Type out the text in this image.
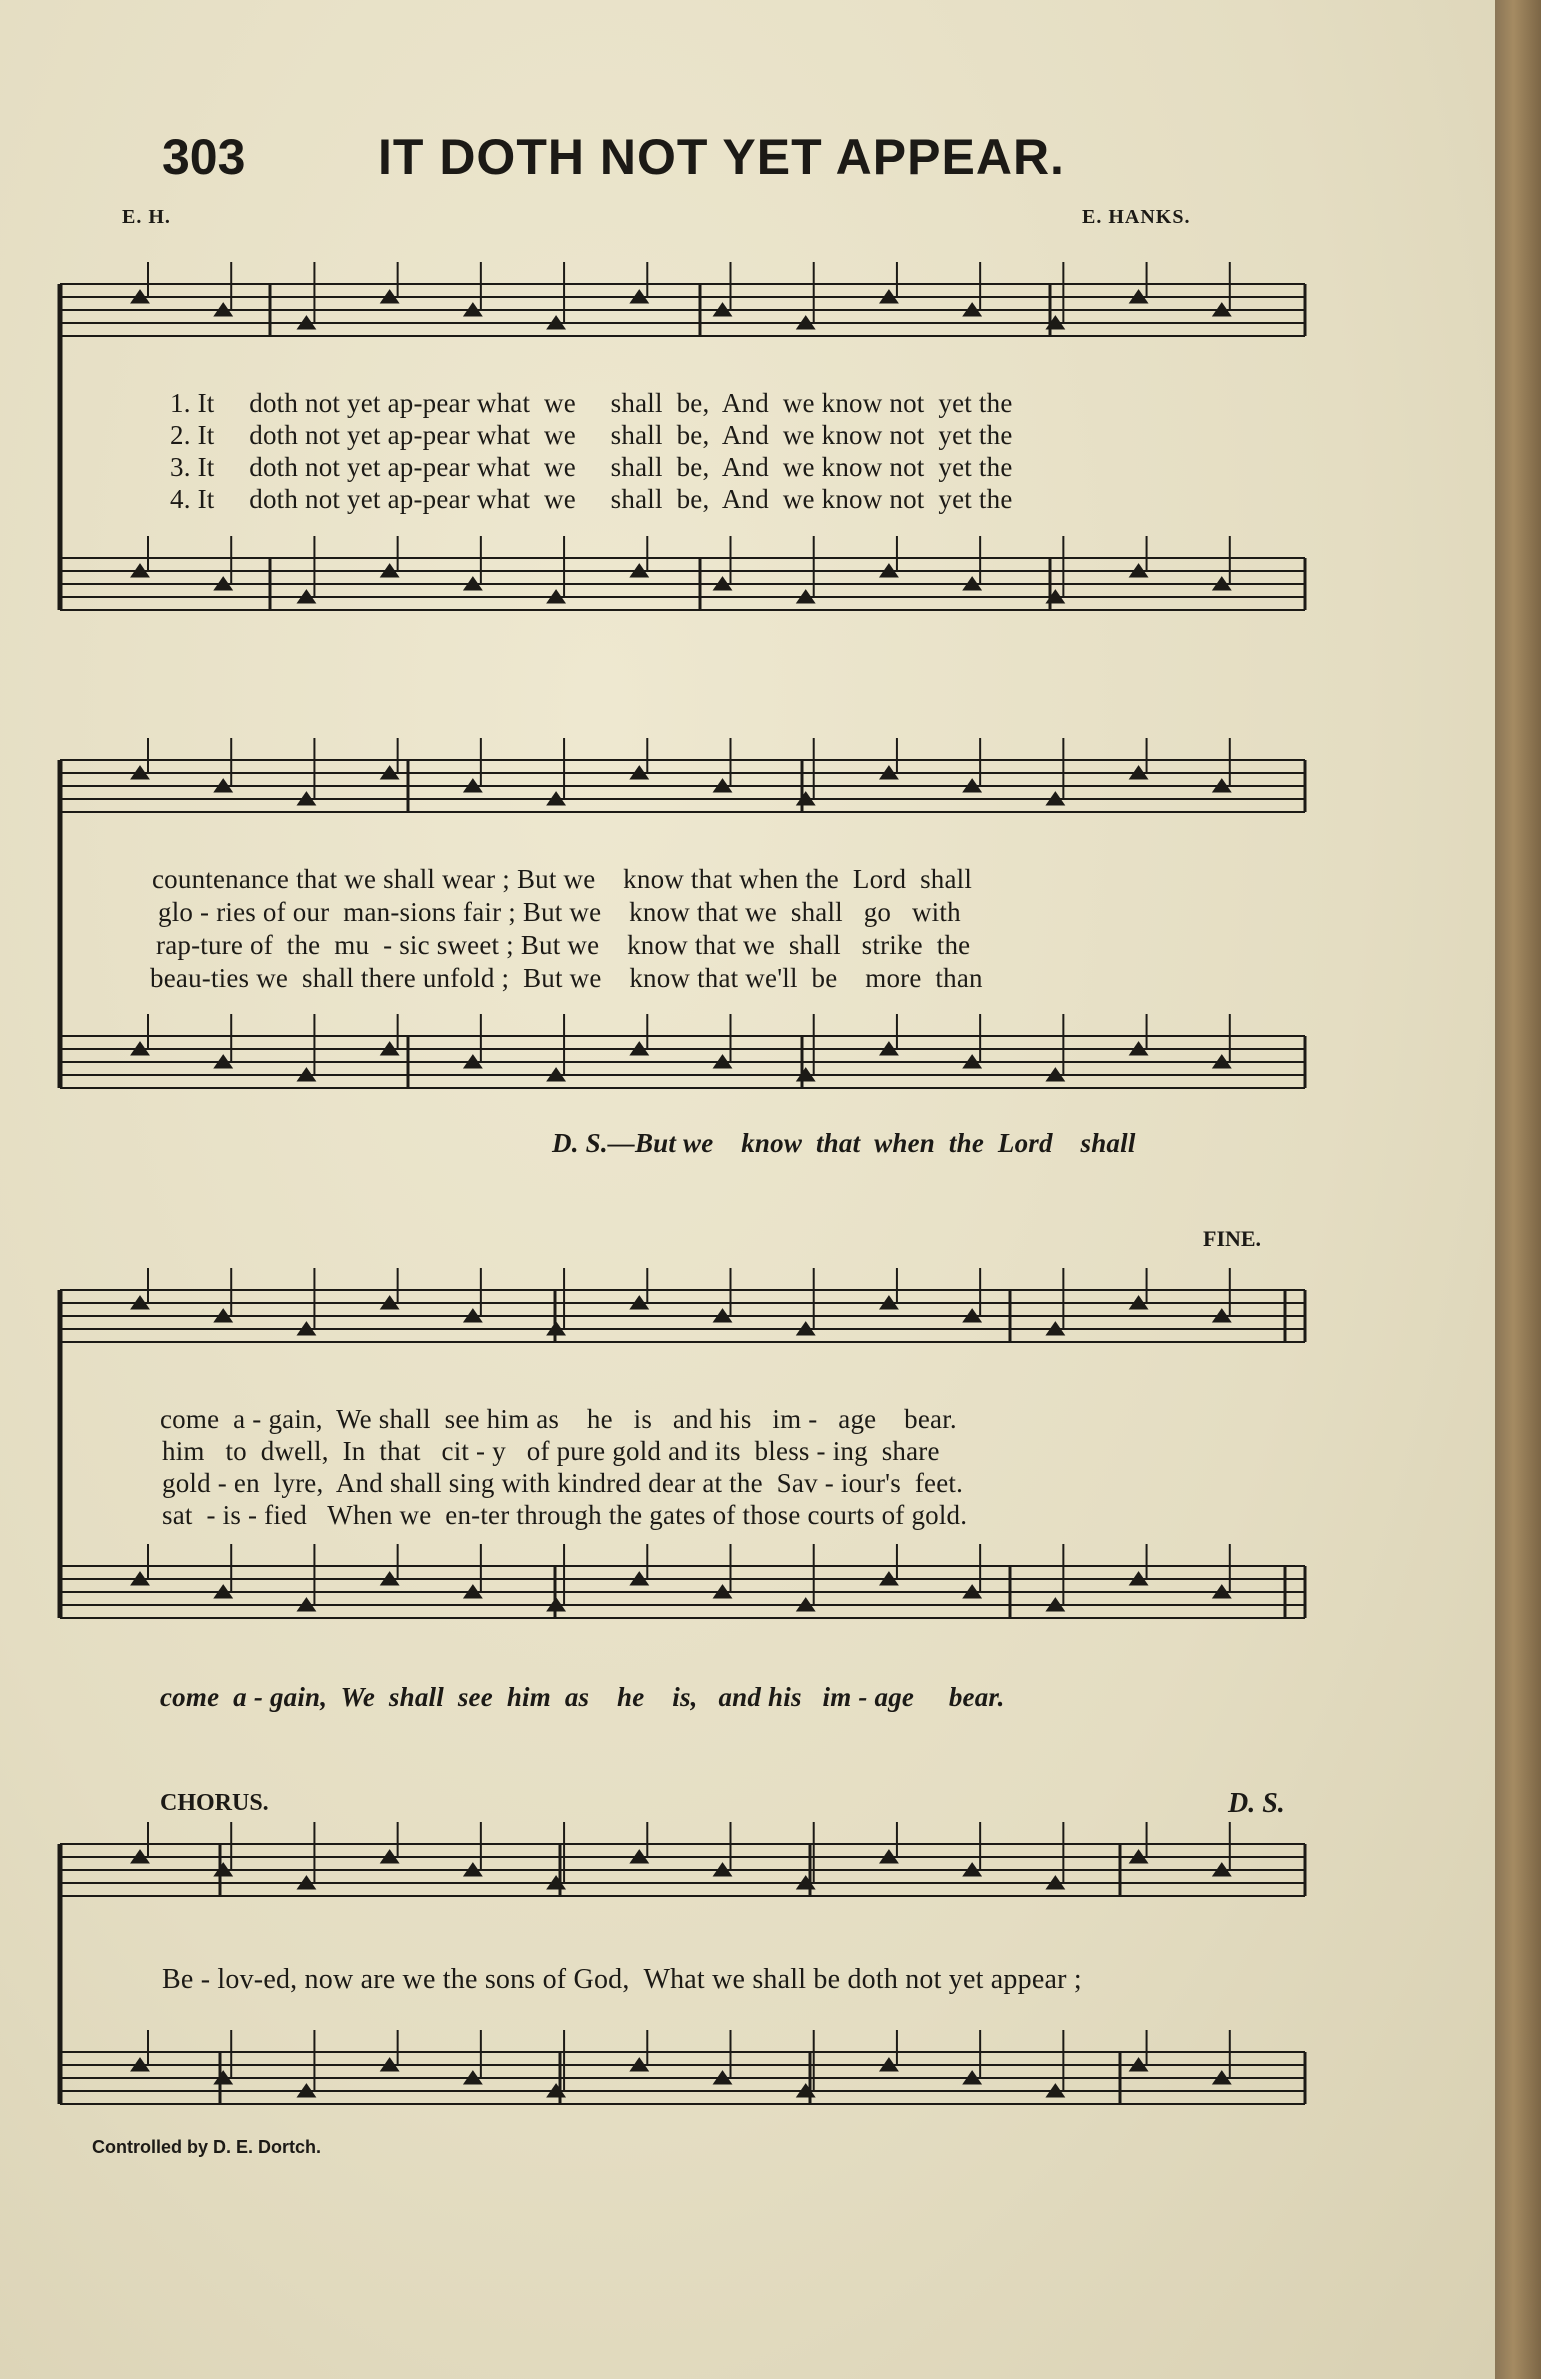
303	IT DOTH NOT YET APPEAR.
E. H.	E. HANKS.
1. It     doth not yet ap-pear what  we     shall  be,  And  we know not  yet the
2. It     doth not yet ap-pear what  we     shall  be,  And  we know not  yet the
3. It     doth not yet ap-pear what  we     shall  be,  And  we know not  yet the
4. It     doth not yet ap-pear what  we     shall  be,  And  we know not  yet the
countenance that we shall wear ; But we    know that when the  Lord  shall
glo - ries of our  man-sions fair ; But we    know that we  shall   go   with
rap-ture of  the  mu  - sic sweet ; But we    know that we  shall   strike  the
beau-ties we  shall there unfold ;  But we    know that we'll  be    more  than
D. S.—But we    know  that  when  the  Lord    shall
FINE.
come  a - gain,  We shall  see him as    he   is   and his   im -   age    bear.
him   to  dwell,  In  that   cit - y   of pure gold and its  bless - ing  share
gold - en  lyre,  And shall sing with kindred dear at the  Sav - iour's  feet.
sat  - is - fied   When we  en-ter through the gates of those courts of gold.
come  a - gain,  We  shall  see  him  as    he    is,   and his   im - age     bear.
CHORUS.	D. S.
Be - lov-ed, now are we the sons of God,  What we shall be doth not yet appear ;
Controlled by D. E. Dortch.
